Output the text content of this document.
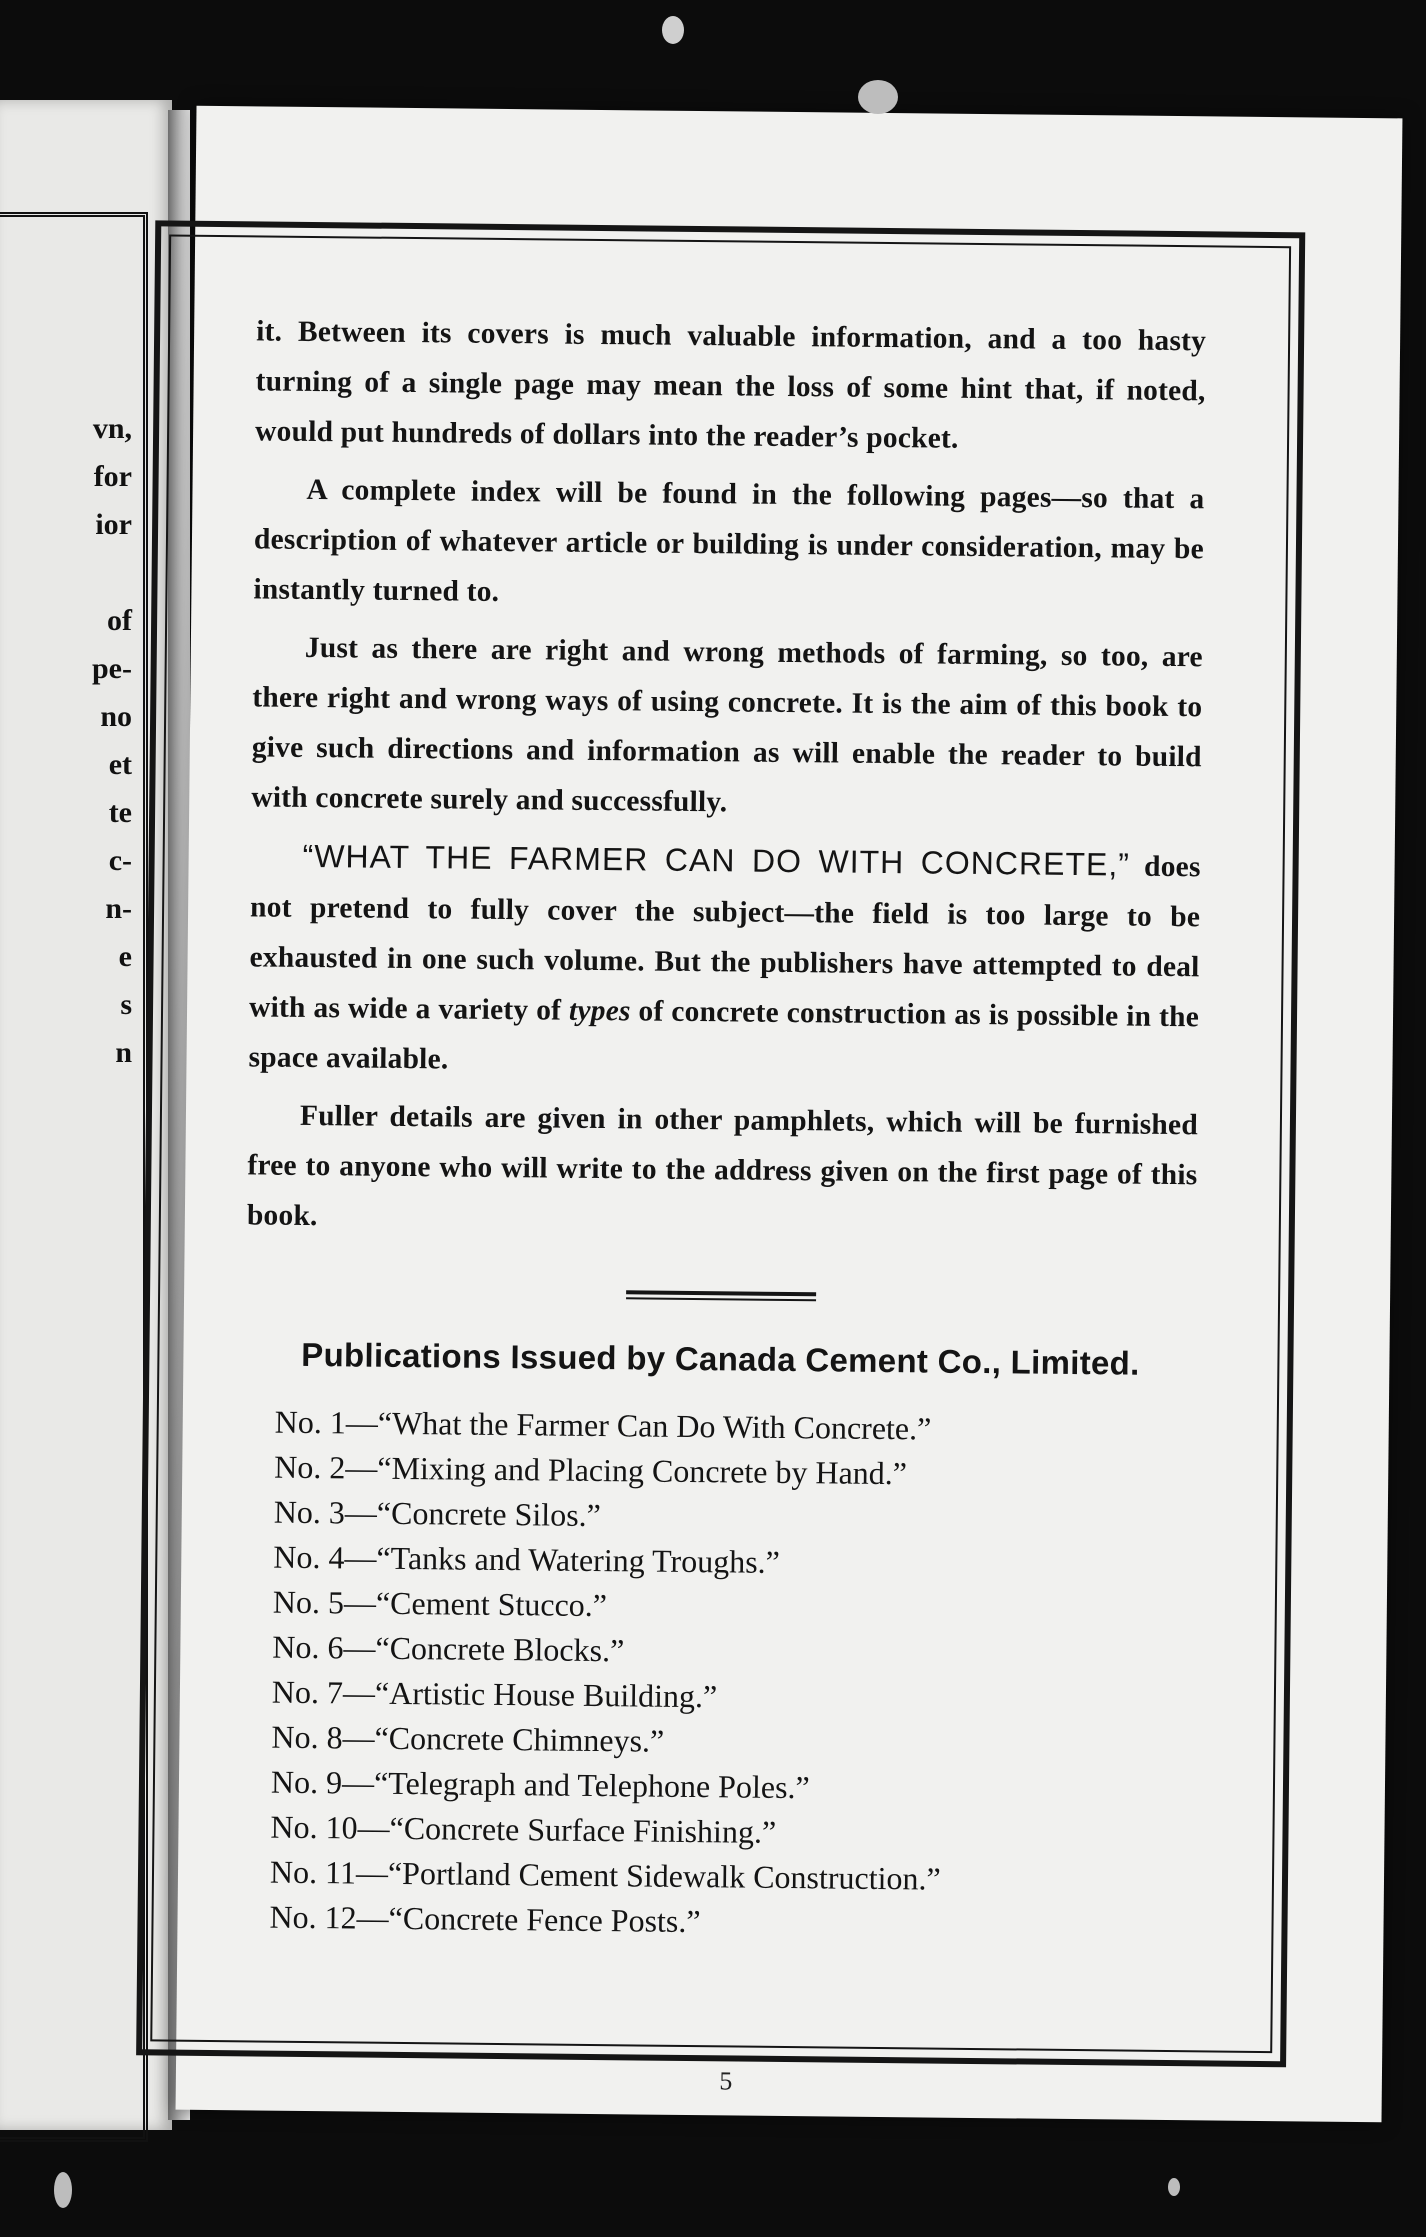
vn,
for
ior
of
pe-
no
et
te
c-
n-
e
s
n

it. Between its covers is much valuable information, and a too hasty turning of a single page may mean the loss of some hint that, if noted, would put hundreds of dollars into the reader’s pocket.

A complete index will be found in the following pages—so that a description of whatever article or building is under consideration, may be instantly turned to.

Just as there are right and wrong methods of farming, so too, are there right and wrong ways of using concrete. It is the aim of this book to give such directions and information as will enable the reader to build with concrete surely and successfully.

“WHAT THE FARMER CAN DO WITH CONCRETE,” does not pretend to fully cover the subject—the field is too large to be exhausted in one such volume. But the publishers have attempted to deal with as wide a variety of types of concrete construction as is possible in the space available.

Fuller details are given in other pamphlets, which will be furnished free to anyone who will write to the address given on the first page of this book.

Publications Issued by Canada Cement Co., Limited.
No. 1—“What the Farmer Can Do With Concrete.”
No. 2—“Mixing and Placing Concrete by Hand.”
No. 3—“Concrete Silos.”
No. 4—“Tanks and Watering Troughs.”
No. 5—“Cement Stucco.”
No. 6—“Concrete Blocks.”
No. 7—“Artistic House Building.”
No. 8—“Concrete Chimneys.”
No. 9—“Telegraph and Telephone Poles.”
No. 10—“Concrete Surface Finishing.”
No. 11—“Portland Cement Sidewalk Construction.”
No. 12—“Concrete Fence Posts.”
5
